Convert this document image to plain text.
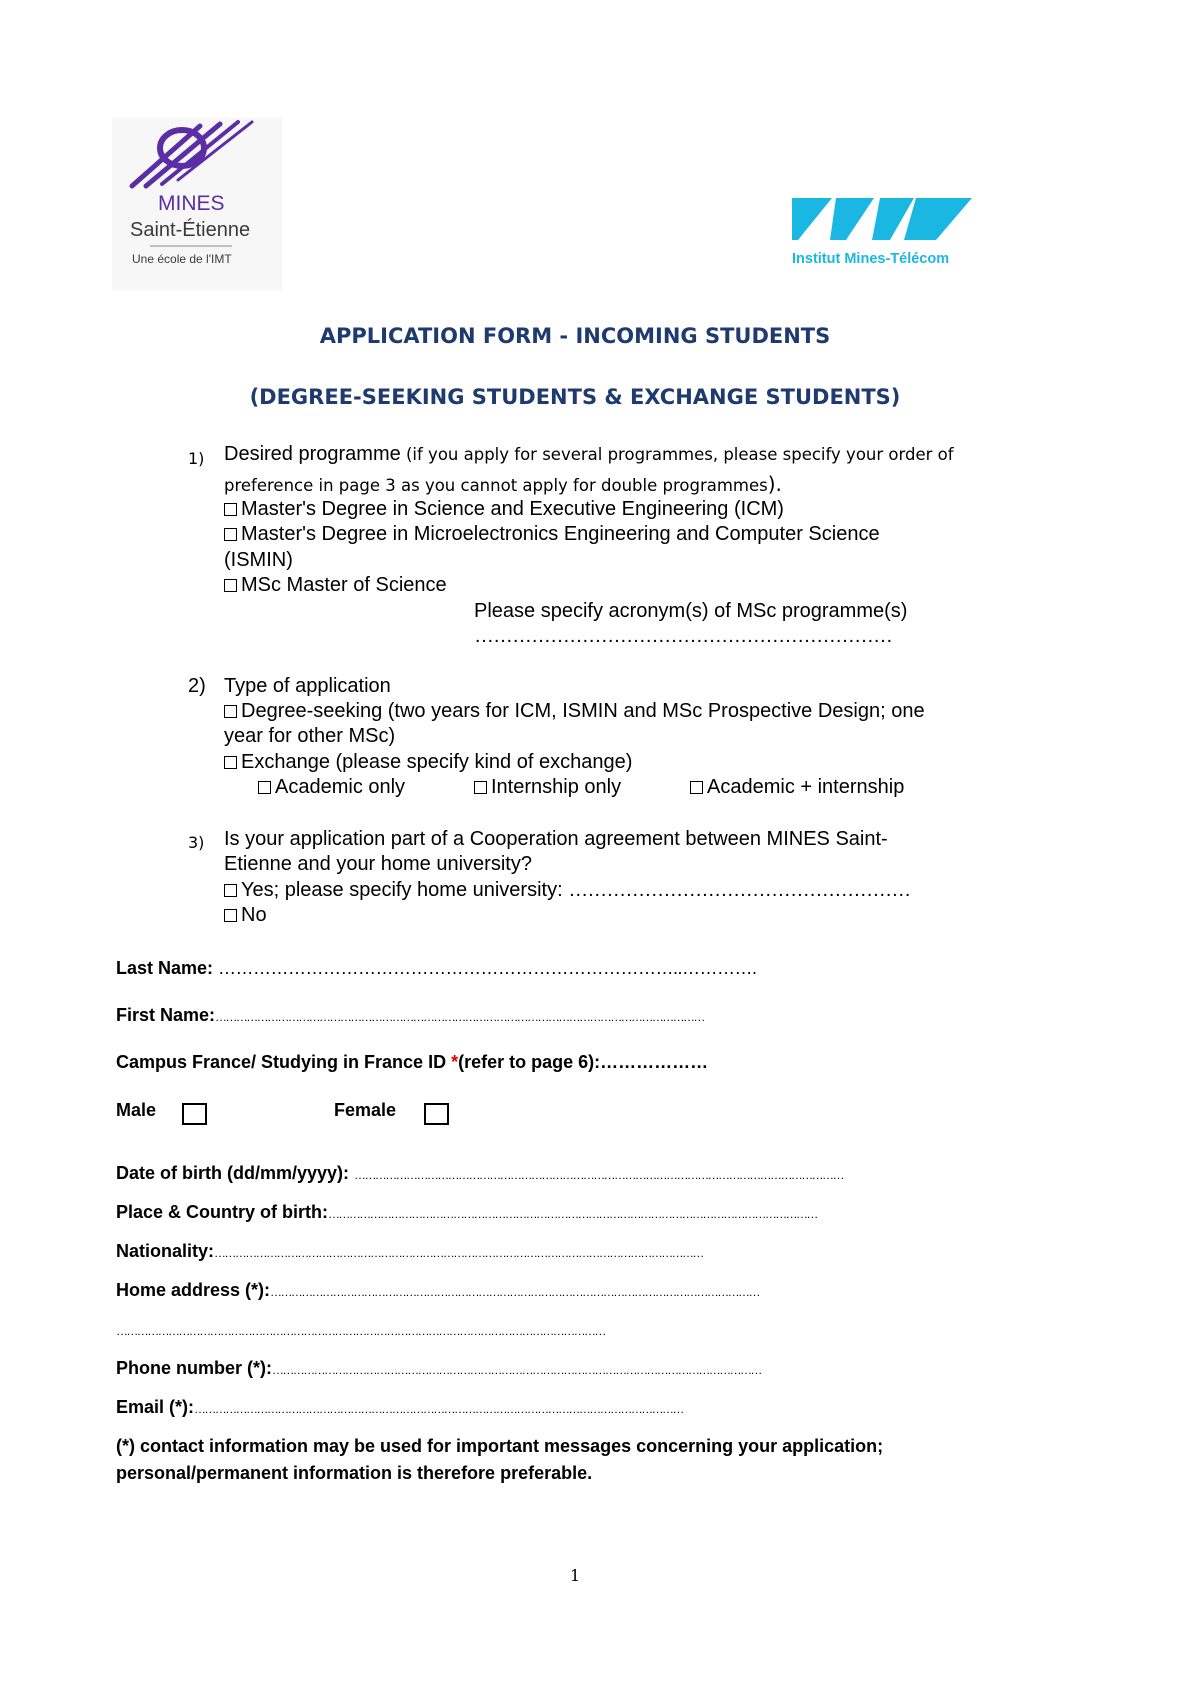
MINES
Saint-Étienne
Une école de l'IMT	Institut Mines-Télécom
APPLICATION FORM - INCOMING STUDENTS
(DEGREE-SEEKING STUDENTS & EXCHANGE STUDENTS)
1) Desired programme (if you apply for several programmes, please specify your order of
preference in page 3 as you cannot apply for double programmes).
Master's Degree in Science and Executive Engineering (ICM)
Master's Degree in Microelectronics Engineering and Computer Science
(ISMIN)
MSc Master of Science
Please specify acronym(s) of MSc programme(s)
…………………………………………………………
2) Type of application
Degree-seeking (two years for ICM, ISMIN and MSc Prospective Design; one
year for other MSc)
Exchange (please specify kind of exchange)
Academic only	Internship only	Academic + internship
3) Is your application part of a Cooperation agreement between MINES Saint-
Etienne and your home university?
Yes; please specify home university: ………………………………………………
No
Last Name: ……………………………………………………………………..………….
First Name:……………………………………………………………………………………………………………………………
Campus France/ Studying in France ID *(refer to page 6):………………
Male	Female
Date of birth (dd/mm/yyyy): ……………………………………………………………………………………………………………………………
Place & Country of birth:……………………………………………………………………………………………………………………………
Nationality:……………………………………………………………………………………………………………………………
Home address (*):……………………………………………………………………………………………………………………………
……………………………………………………………………………………………………………………………
Phone number (*):……………………………………………………………………………………………………………………………
Email (*):……………………………………………………………………………………………………………………………
(*) contact information may be used for important messages concerning your application;
personal/permanent information is therefore preferable.
1
